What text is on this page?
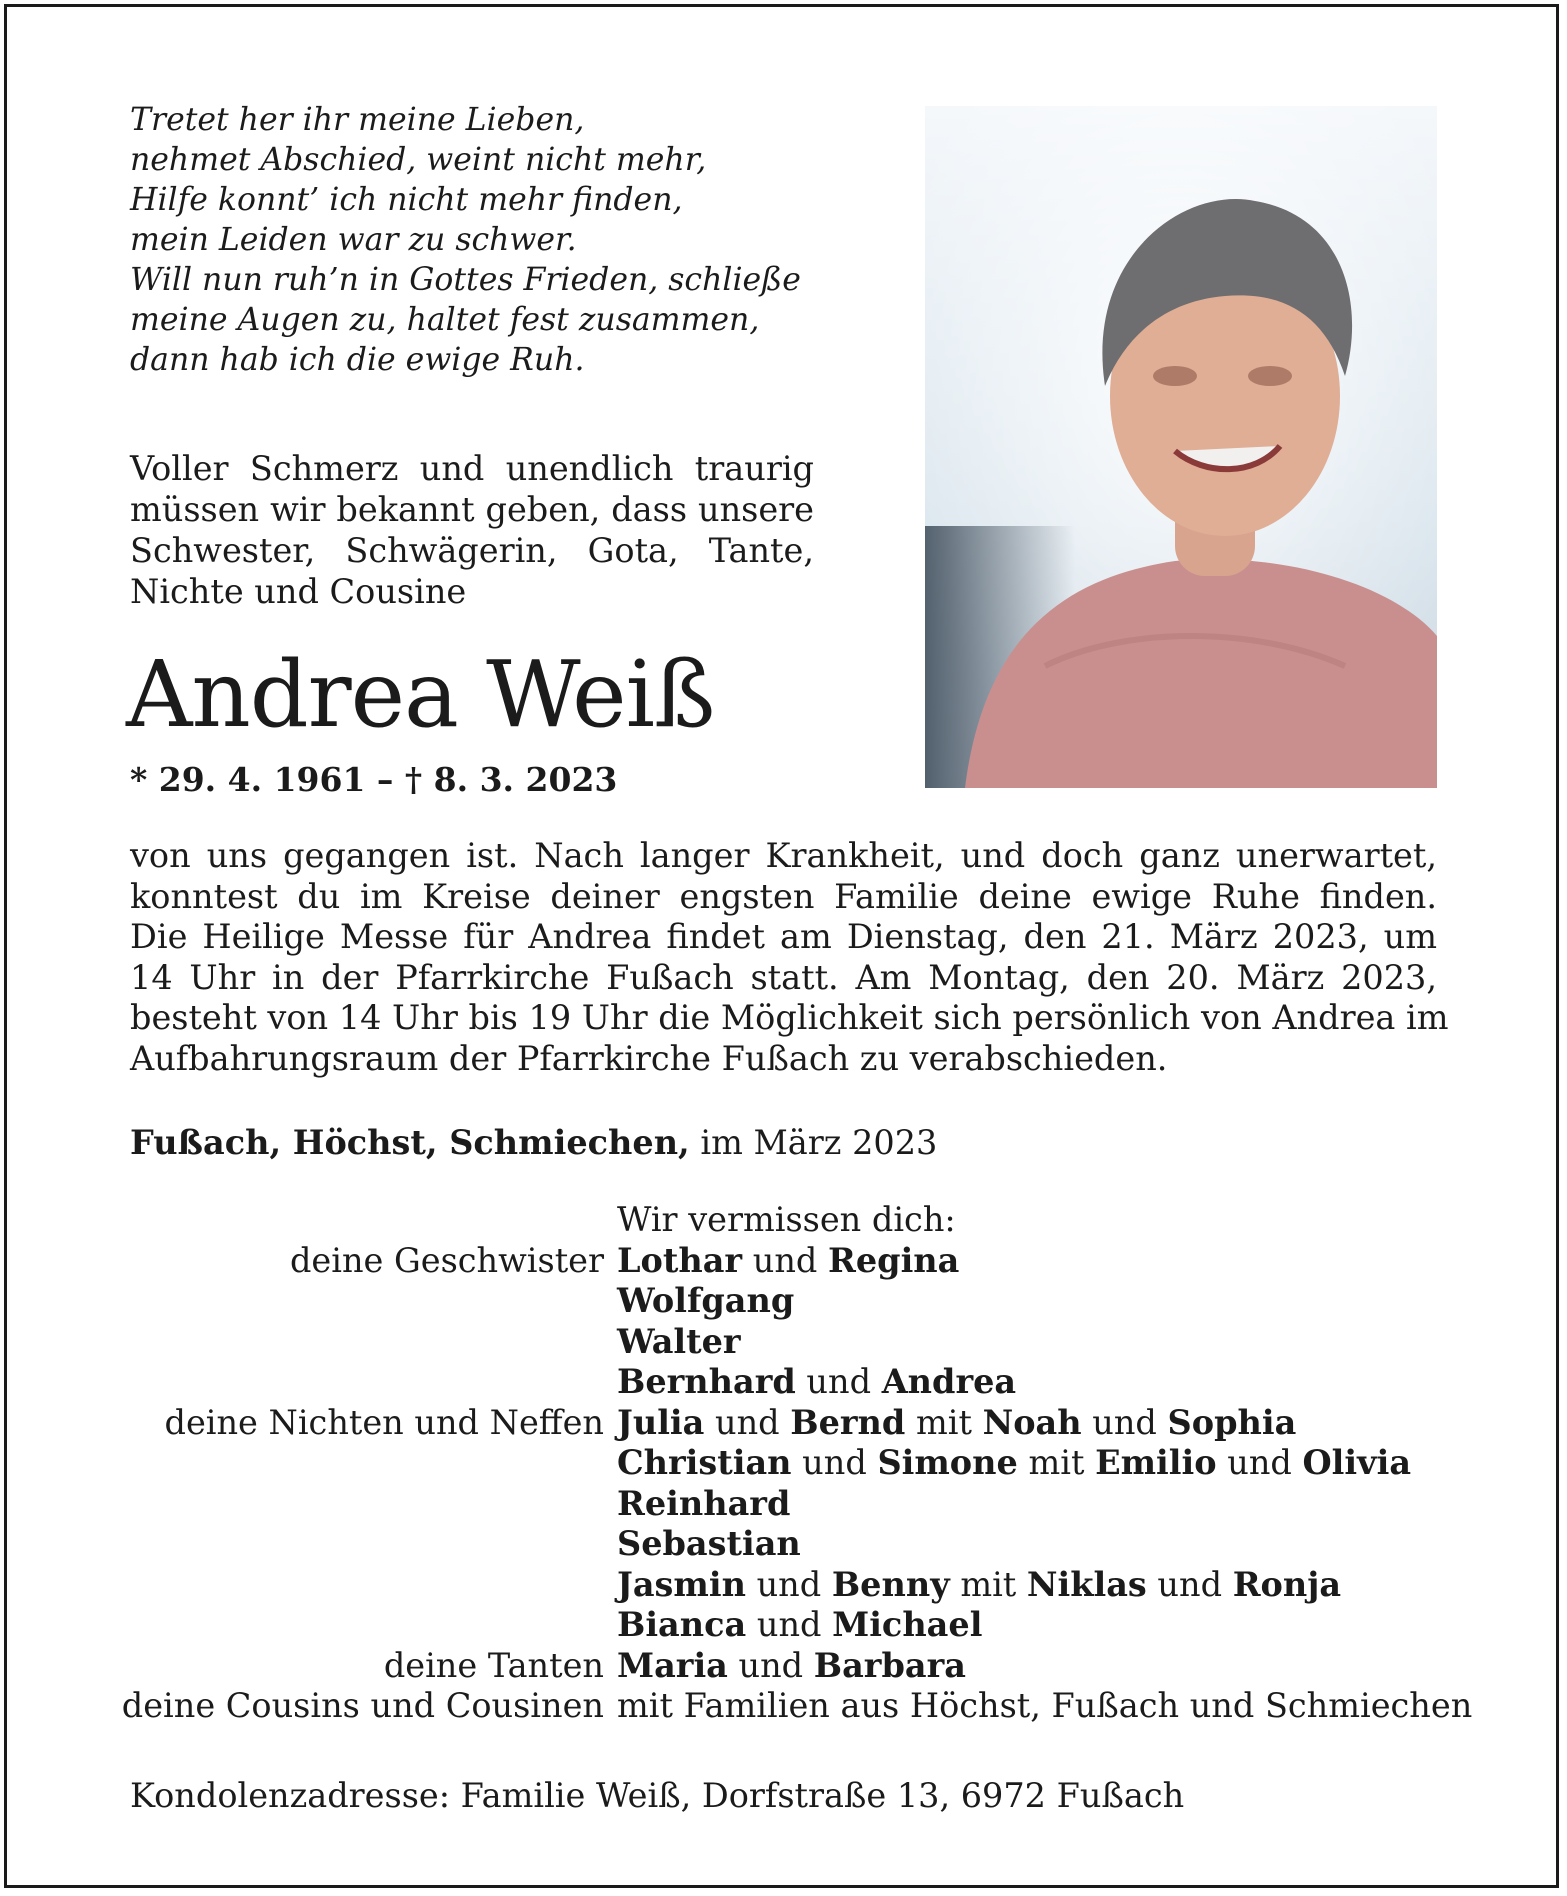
Tretet her ihr meine Lieben,
nehmet Abschied, weint nicht mehr,
Hilfe konnt’ ich nicht mehr finden,
mein Leiden war zu schwer.
Will nun ruh’n in Gottes Frieden, schließe
meine Augen zu, haltet fest zusammen,
dann hab ich die ewige Ruh.
Voller Schmerz und unendlich traurig
müssen wir bekannt geben, dass unsere
Schwester, Schwägerin, Gota, Tante,
Nichte und Cousine
Andrea Weiß
* 29. 4. 1961 – † 8. 3. 2023
von uns gegangen ist. Nach langer Krankheit, und doch ganz unerwartet,
konntest du im Kreise deiner engsten Familie deine ewige Ruhe finden.
Die Heilige Messe für Andrea findet am Dienstag, den 21. März 2023, um
14 Uhr in der Pfarrkirche Fußach statt. Am Montag, den 20. März 2023,
besteht von 14 Uhr bis 19 Uhr die Möglichkeit sich persönlich von Andrea im
Aufbahrungsraum der Pfarrkirche Fußach zu verabschieden.
Fußach, Höchst, Schmiechen, im März 2023
Wir vermissen dich:
deine Geschwister Lothar und Regina
Wolfgang
Walter
Bernhard und Andrea
deine Nichten und Neffen Julia und Bernd mit Noah und Sophia
Christian und Simone mit Emilio und Olivia
Reinhard
Sebastian
Jasmin und Benny mit Niklas und Ronja
Bianca und Michael
deine Tanten Maria und Barbara
deine Cousins und Cousinen mit Familien aus Höchst, Fußach und Schmiechen
Kondolenzadresse: Familie Weiß, Dorfstraße 13, 6972 Fußach
